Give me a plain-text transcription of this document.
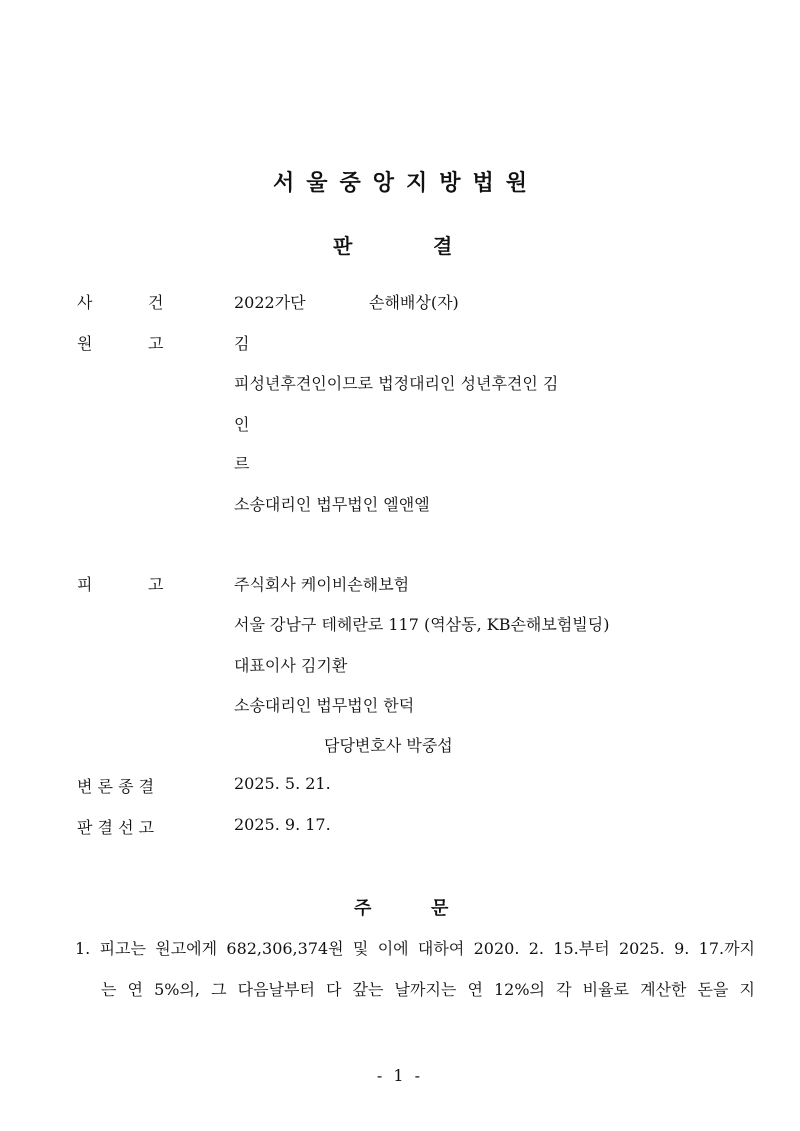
서울중앙지방법원
판	결
사	건	2022가단	손해배상(자)
원	고	김
피성년후견인이므로 법정대리인 성년후견인 김
인
르
소송대리인 법무법인 엘앤엘
피	고	주식회사 케이비손해보험
서울 강남구 테헤란로 117 (역삼동, KB손해보험빌딩)
대표이사 김기환
소송대리인 법무법인 한덕
담당변호사 박중섭
변 론 종 결	2025. 5. 21.
판 결 선 고	2025. 9. 17.
주	문
1. 피고는 원고에게 682,306,374원 및 이에 대하여 2020. 2. 15.부터 2025. 9. 17.까지
는 연 5%의, 그 다음날부터 다 갚는 날까지는 연 12%의 각 비율로 계산한 돈을 지
- 1 -
